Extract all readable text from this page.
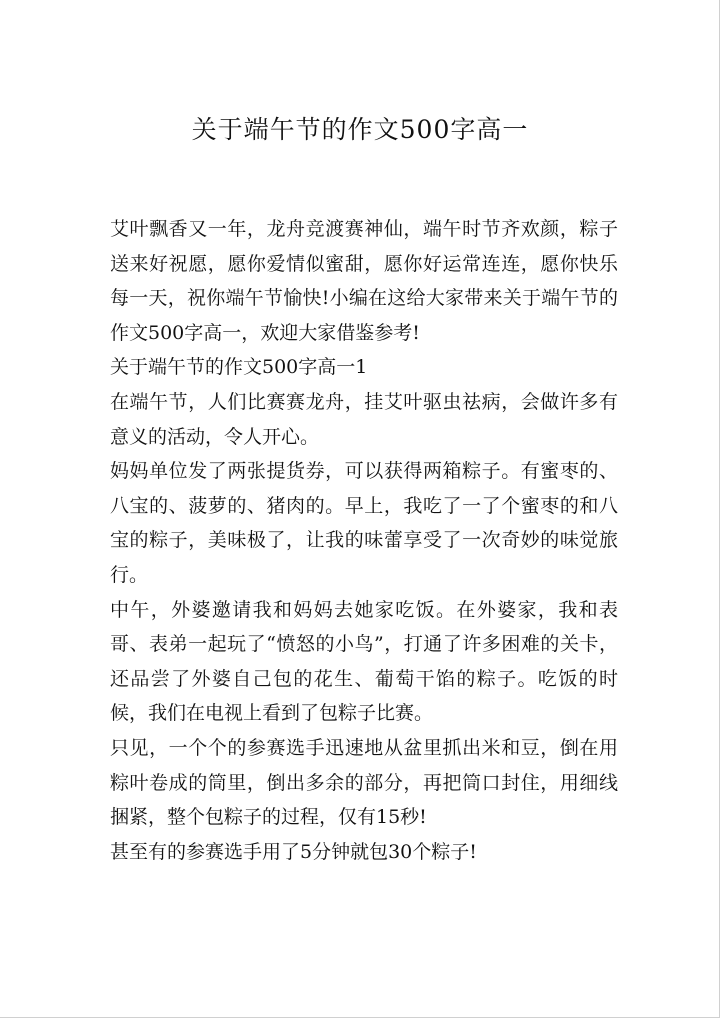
关于端午节的作文500字高一

艾叶飘香又一年，龙舟竞渡赛神仙，端午时节齐欢颜，粽子送来好祝愿，愿你爱情似蜜甜，愿你好运常连连，愿你快乐每一天，祝你端午节愉快!小编在这给大家带来关于端午节的作文500字高一，欢迎大家借鉴参考!

关于端午节的作文500字高一1

在端午节，人们比赛赛龙舟，挂艾叶驱虫祛病，会做许多有意义的活动，令人开心。

妈妈单位发了两张提货券，可以获得两箱粽子。有蜜枣的、八宝的、菠萝的、猪肉的。早上，我吃了一了个蜜枣的和八宝的粽子，美味极了，让我的味蕾享受了一次奇妙的味觉旅行。

中午，外婆邀请我和妈妈去她家吃饭。在外婆家，我和表哥、表弟一起玩了“愤怒的小鸟”，打通了许多困难的关卡，还品尝了外婆自己包的花生、葡萄干馅的粽子。吃饭的时候，我们在电视上看到了包粽子比赛。

只见，一个个的参赛选手迅速地从盆里抓出米和豆，倒在用粽叶卷成的筒里，倒出多余的部分，再把筒口封住，用细线捆紧，整个包粽子的过程，仅有15秒!

甚至有的参赛选手用了5分钟就包30个粽子!
